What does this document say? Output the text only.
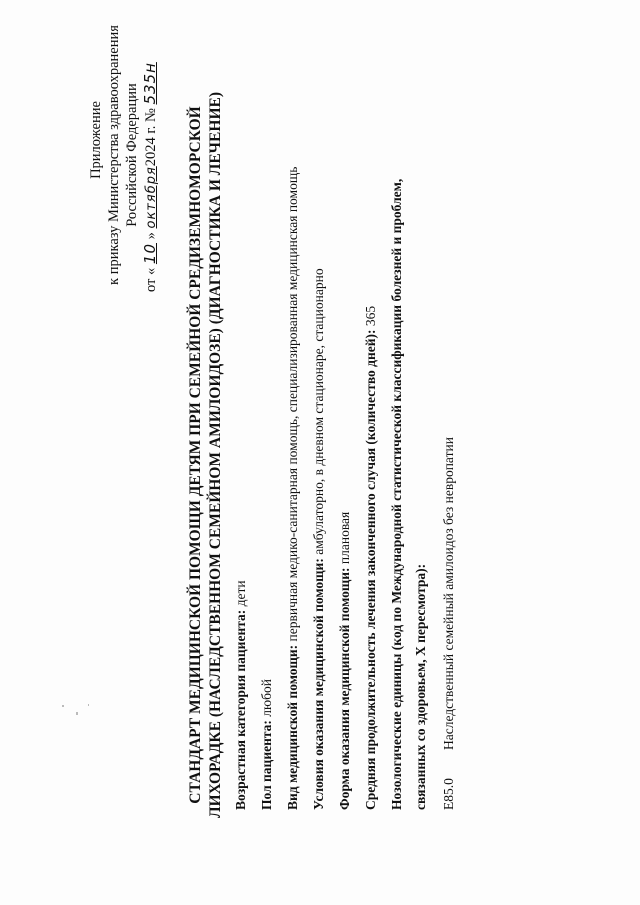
Приложение к приказу Министерства здравоохранения Российской Федерации
от « 10 » октября2024 г. № 535н
СТАНДАРТ МЕДИЦИНСКОЙ ПОМОЩИ ДЕТЯМ ПРИ СЕМЕЙНОЙ СРЕДИЗЕМНОМОРСКОЙ ЛИХОРАДКЕ (НАСЛЕДСТВЕННОМ СЕМЕЙНОМ АМИЛОИДОЗЕ) (ДИАГНОСТИКА И ЛЕЧЕНИЕ) Возрастная категория пациента: дети
Пол пациента: любой Вид медицинской помощи: первичная медико-санитарная помощь, специализированная медицинская помощь
Условия оказания медицинской помощи: амбулаторно, в дневном стационаре, стационарно
Форма оказания медицинской помощи: плановая Средняя продолжительность лечения законченного случая (количество дней): 365 Нозологические единицы (код по Международной статистической классификации болезней и проблем, связанных со здоровьем, X пересмотра): E85.0
Наследственный семейный амилоидоз без невропатии
